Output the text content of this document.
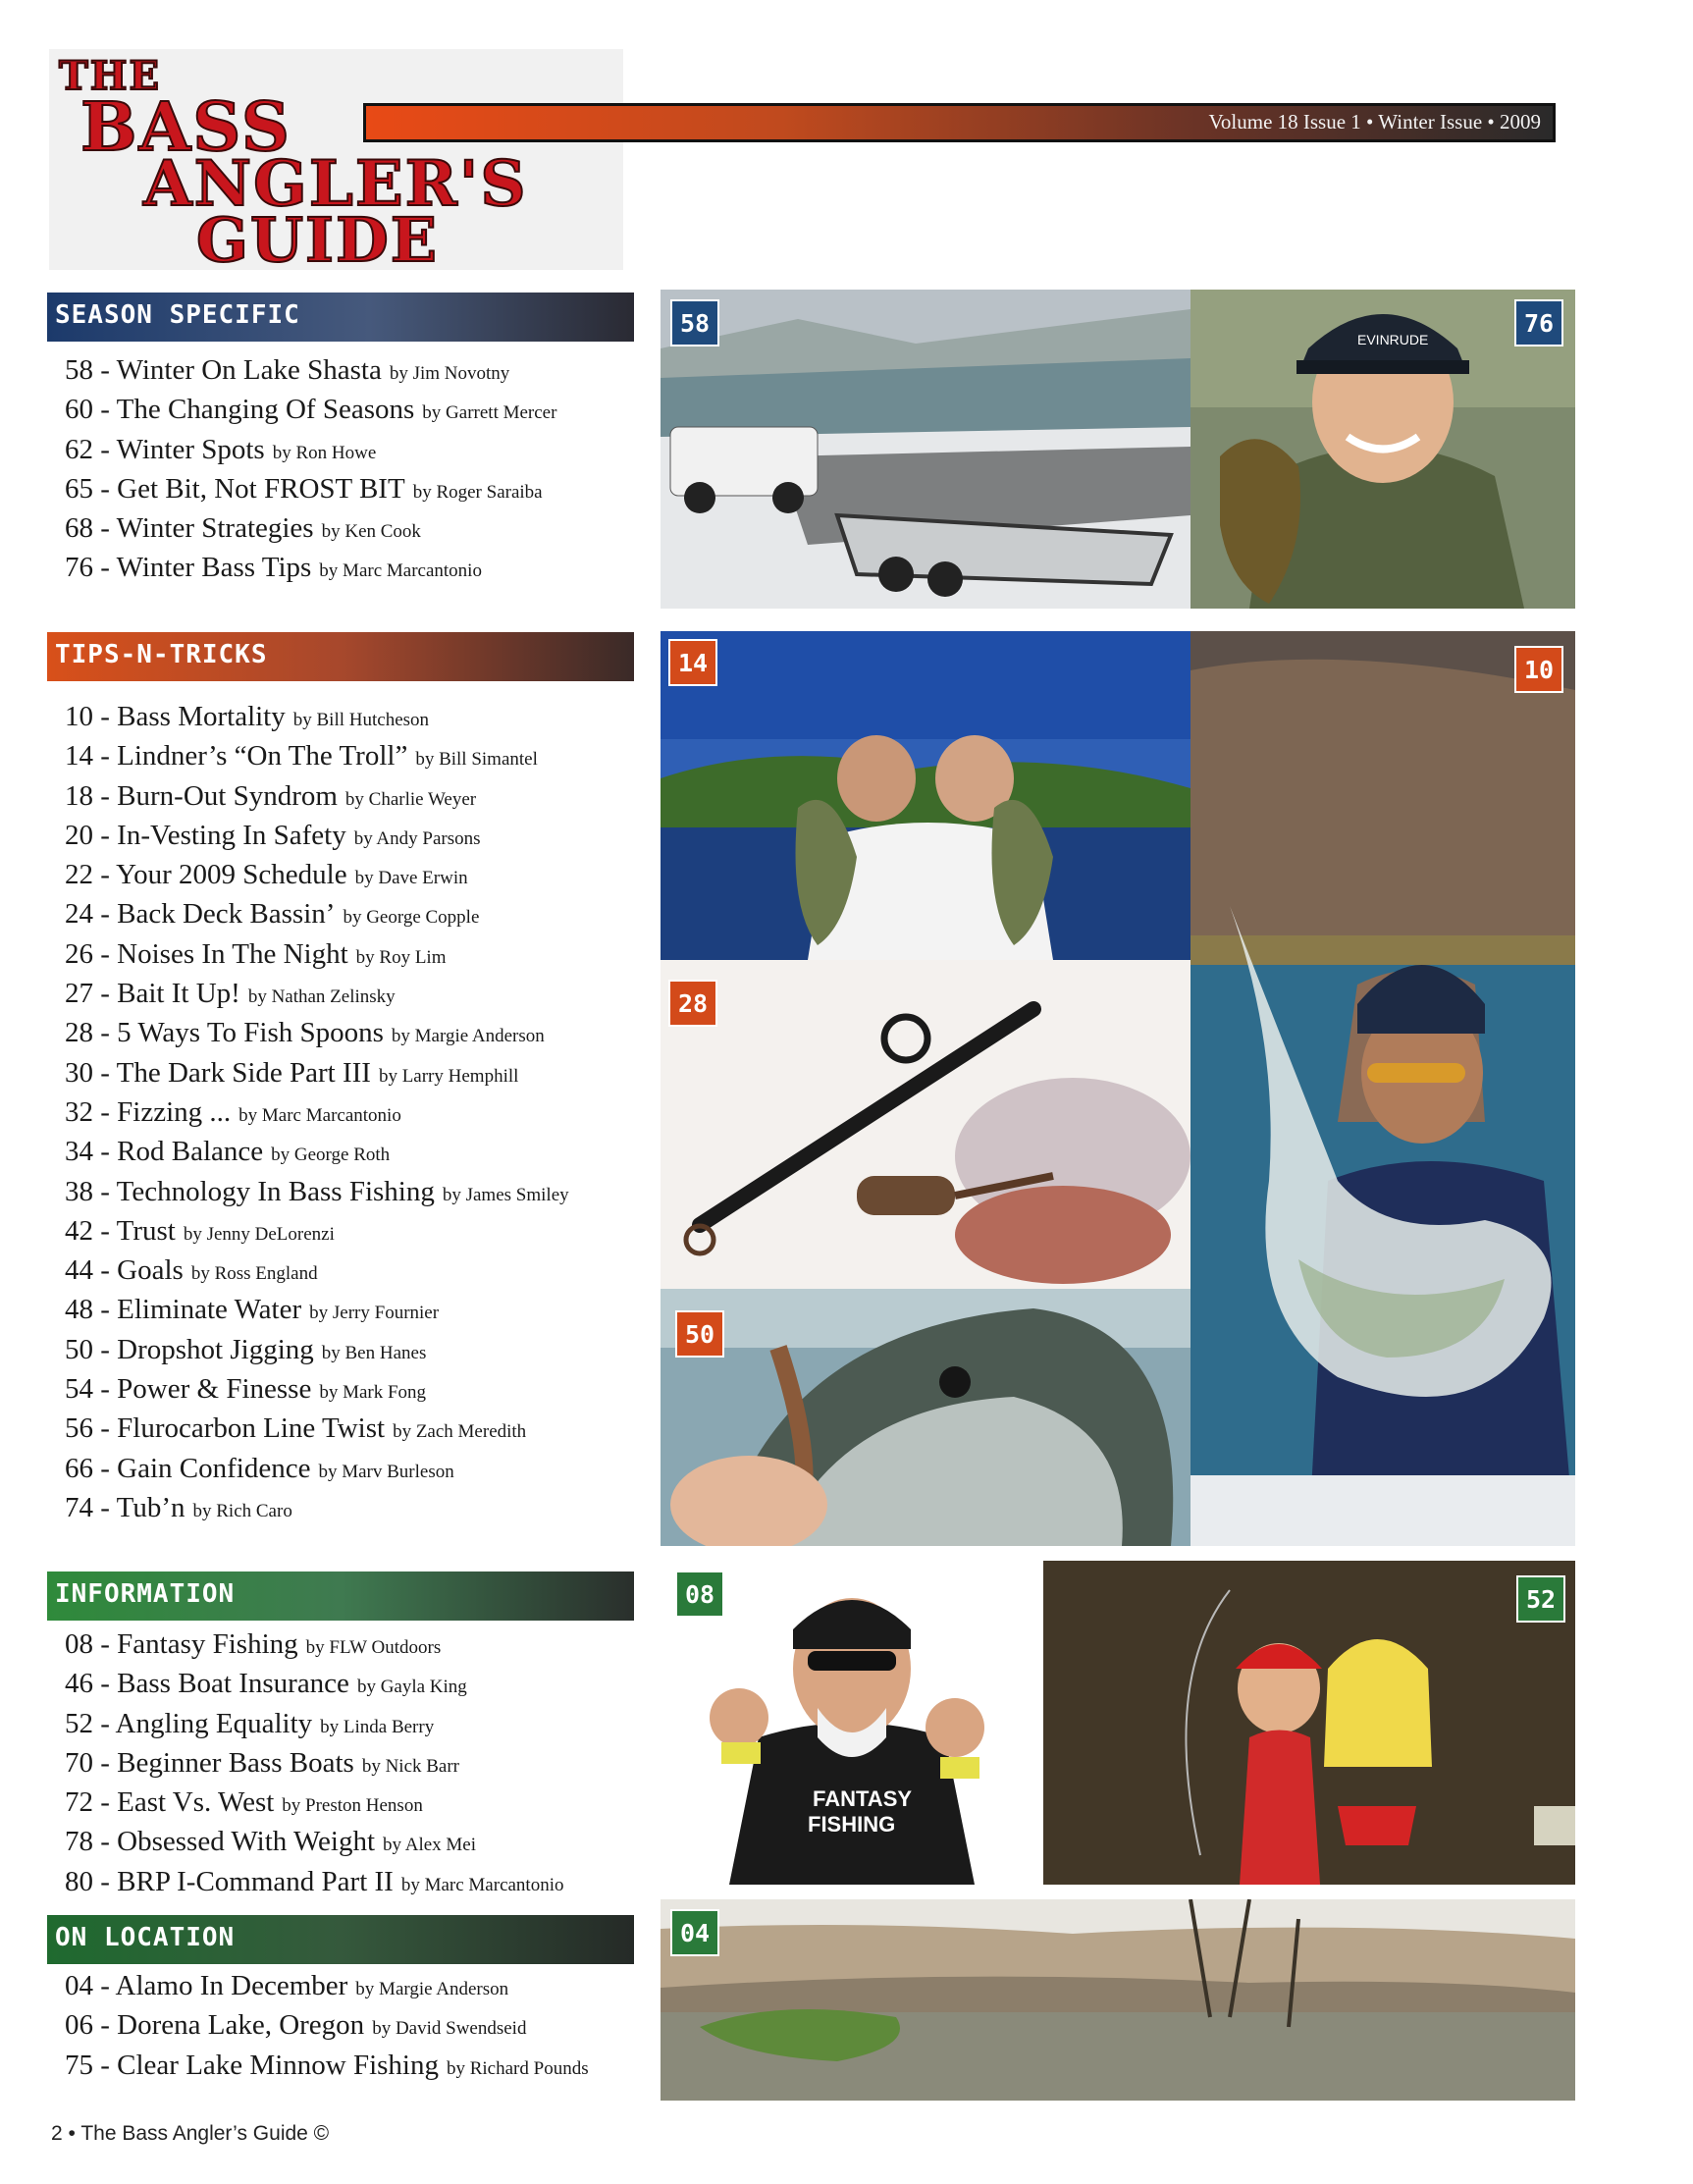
THE
BASS
ANGLER'S
GUIDE
Volume 18 Issue 1 • Winter Issue • 2009
SEASON SPECIFIC
TIPS-N-TRICKS
INFORMATION
ON LOCATION
58 - Winter On Lake Shasta by Jim Novotny
60 - The Changing Of Seasons by Garrett Mercer
62 - Winter Spots by Ron Howe
65 - Get Bit, Not FROST BIT by Roger Saraiba
68 - Winter Strategies by Ken Cook
76 - Winter Bass Tips by Marc Marcantonio
10 - Bass Mortality by Bill Hutcheson
14 - Lindner’s “On The Troll” by Bill Simantel
18 - Burn-Out Syndrom by Charlie Weyer
20 - In-Vesting In Safety by Andy Parsons
22 - Your 2009 Schedule by Dave Erwin
24 - Back Deck Bassin’ by George Copple
26 - Noises In The Night by Roy Lim
27 - Bait It Up! by Nathan Zelinsky
28 - 5 Ways To Fish Spoons by Margie Anderson
30 - The Dark Side Part III by Larry Hemphill
32 - Fizzing ... by Marc Marcantonio
34 - Rod Balance by George Roth
38 - Technology In Bass Fishing by James Smiley
42 - Trust by Jenny DeLorenzi
44 - Goals by Ross England
48 - Eliminate Water by Jerry Fournier
50 - Dropshot Jigging by Ben Hanes
54 - Power & Finesse by Mark Fong
56 - Flurocarbon Line Twist by Zach Meredith
66 - Gain Confidence by Marv Burleson
74 - Tub’n by Rich Caro
08 - Fantasy Fishing by FLW Outdoors
46 - Bass Boat Insurance by Gayla King
52 - Angling Equality by Linda Berry
70 - Beginner Bass Boats by Nick Barr
72 - East Vs. West by Preston Henson
78 - Obsessed With Weight by Alex Mei
80 - BRP I-Command Part II by Marc Marcantonio
04 - Alamo In December by Margie Anderson
06 - Dorena Lake, Oregon by David Swendseid
75 - Clear Lake Minnow Fishing by Richard Pounds
58
EVINRUDE
76
14	10
28
50
FANTASY
FISHING
08	52
04
2 • The Bass Angler’s Guide ©
